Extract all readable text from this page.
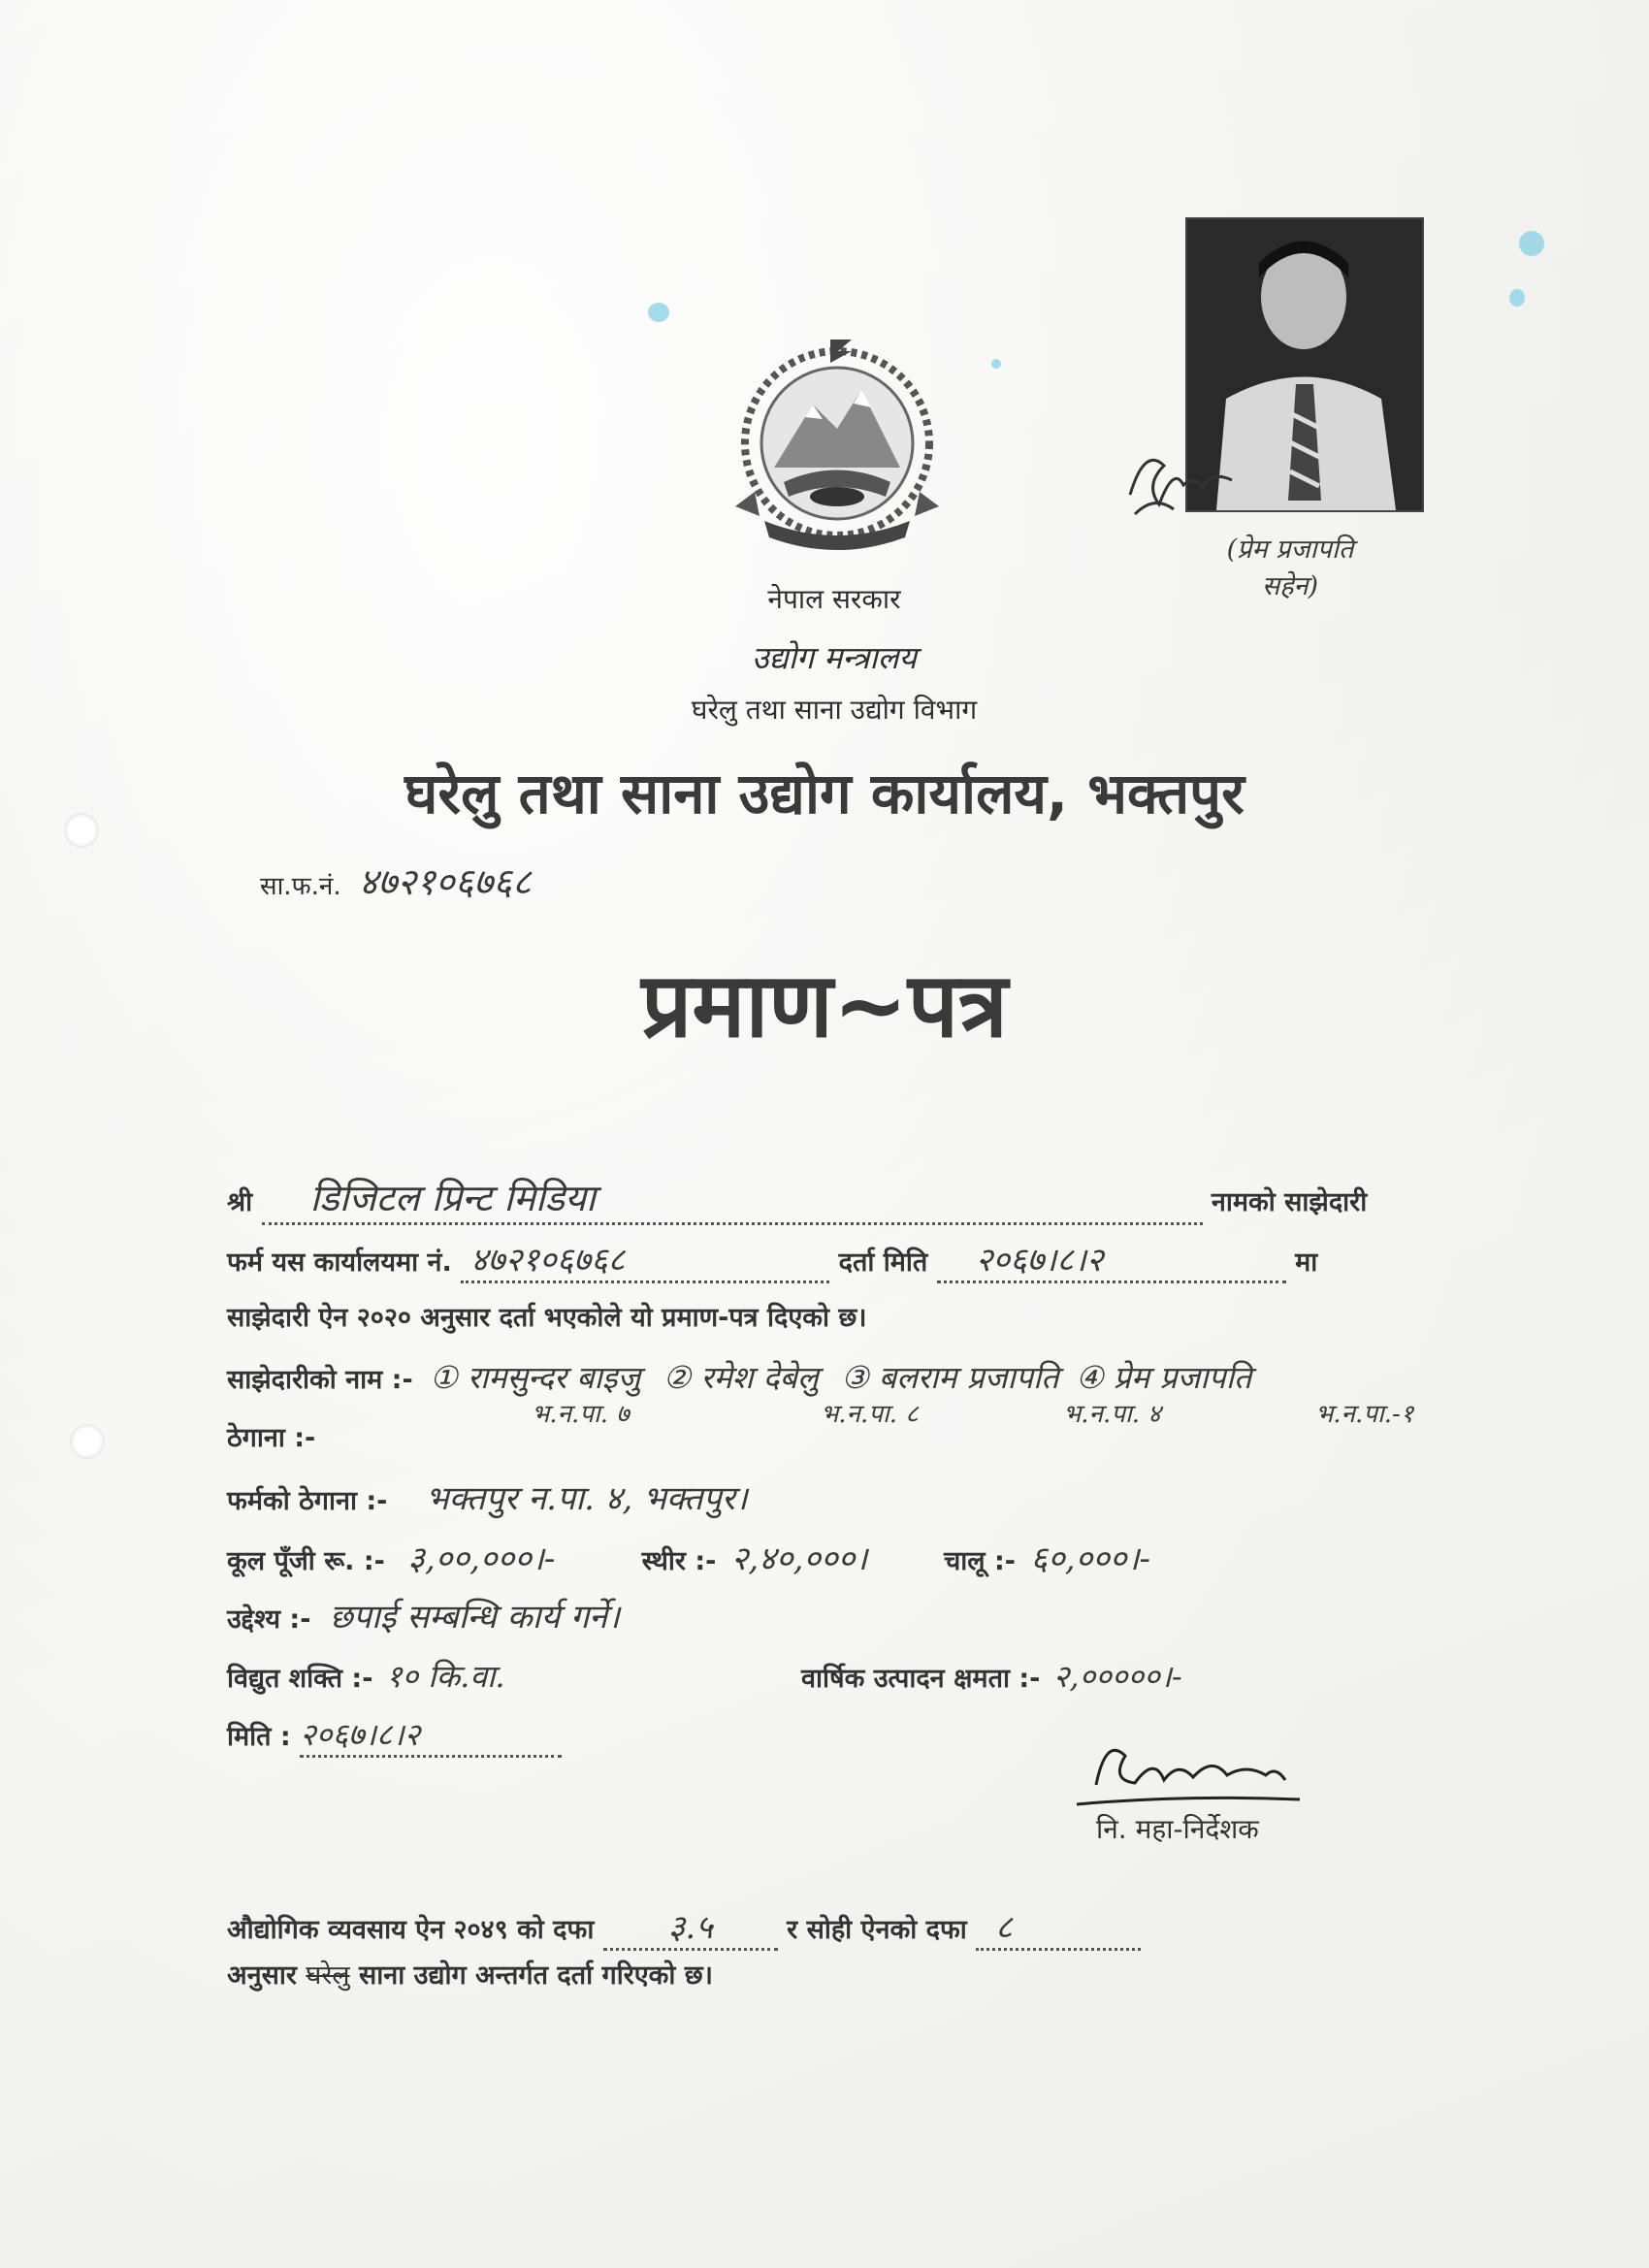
(प्रेम प्रजापति
सहेन)
नेपाल सरकार
उद्योग मन्त्रालय
घरेलु तथा साना उद्योग विभाग
घरेलु तथा साना उद्योग कार्यालय, भक्तपुर
सा.फ.नं. ४७२१०६७६८
प्रमाण~पत्र
श्री डिजिटल प्रिन्ट मिडिया	नामको साझेदारी
फर्म यस कार्यालयमा नं. ४७२१०६७६८	दर्ता मिति २०६७।८।२	मा
साझेदारी ऐन २०२० अनुसार दर्ता भएकोले यो प्रमाण-पत्र दिएको छ।
साझेदारीको नाम :- ① रामसुन्दर बाइजु ② रमेश देबेलु ③ बलराम प्रजापति ④ प्रेम प्रजापति
भ.न.पा. ७	भ.न.पा. ८	भ.न.पा. ४	भ.न.पा.-१
ठेगाना :-
फर्मको ठेगाना :- भक्तपुर न.पा. ४, भक्तपुर।
कूल पूँजी रू. :- ३,००,०००।-	स्थीर :- २,४०,०००।	चालू :- ६०,०००।-
उद्देश्य :- छपाई सम्बन्धि कार्य गर्ने।
विद्युत शक्ति :- १० कि.वा.	वार्षिक उत्पादन क्षमता :- २,०००००।-
मिति : २०६७।८।२
नि. महा-निर्देशक
औद्योगिक व्यवसाय ऐन २०४९ को दफा ३.५	र सोही ऐनको दफा ८
अनुसार घरेलु साना उद्योग अन्तर्गत दर्ता गरिएको छ।
